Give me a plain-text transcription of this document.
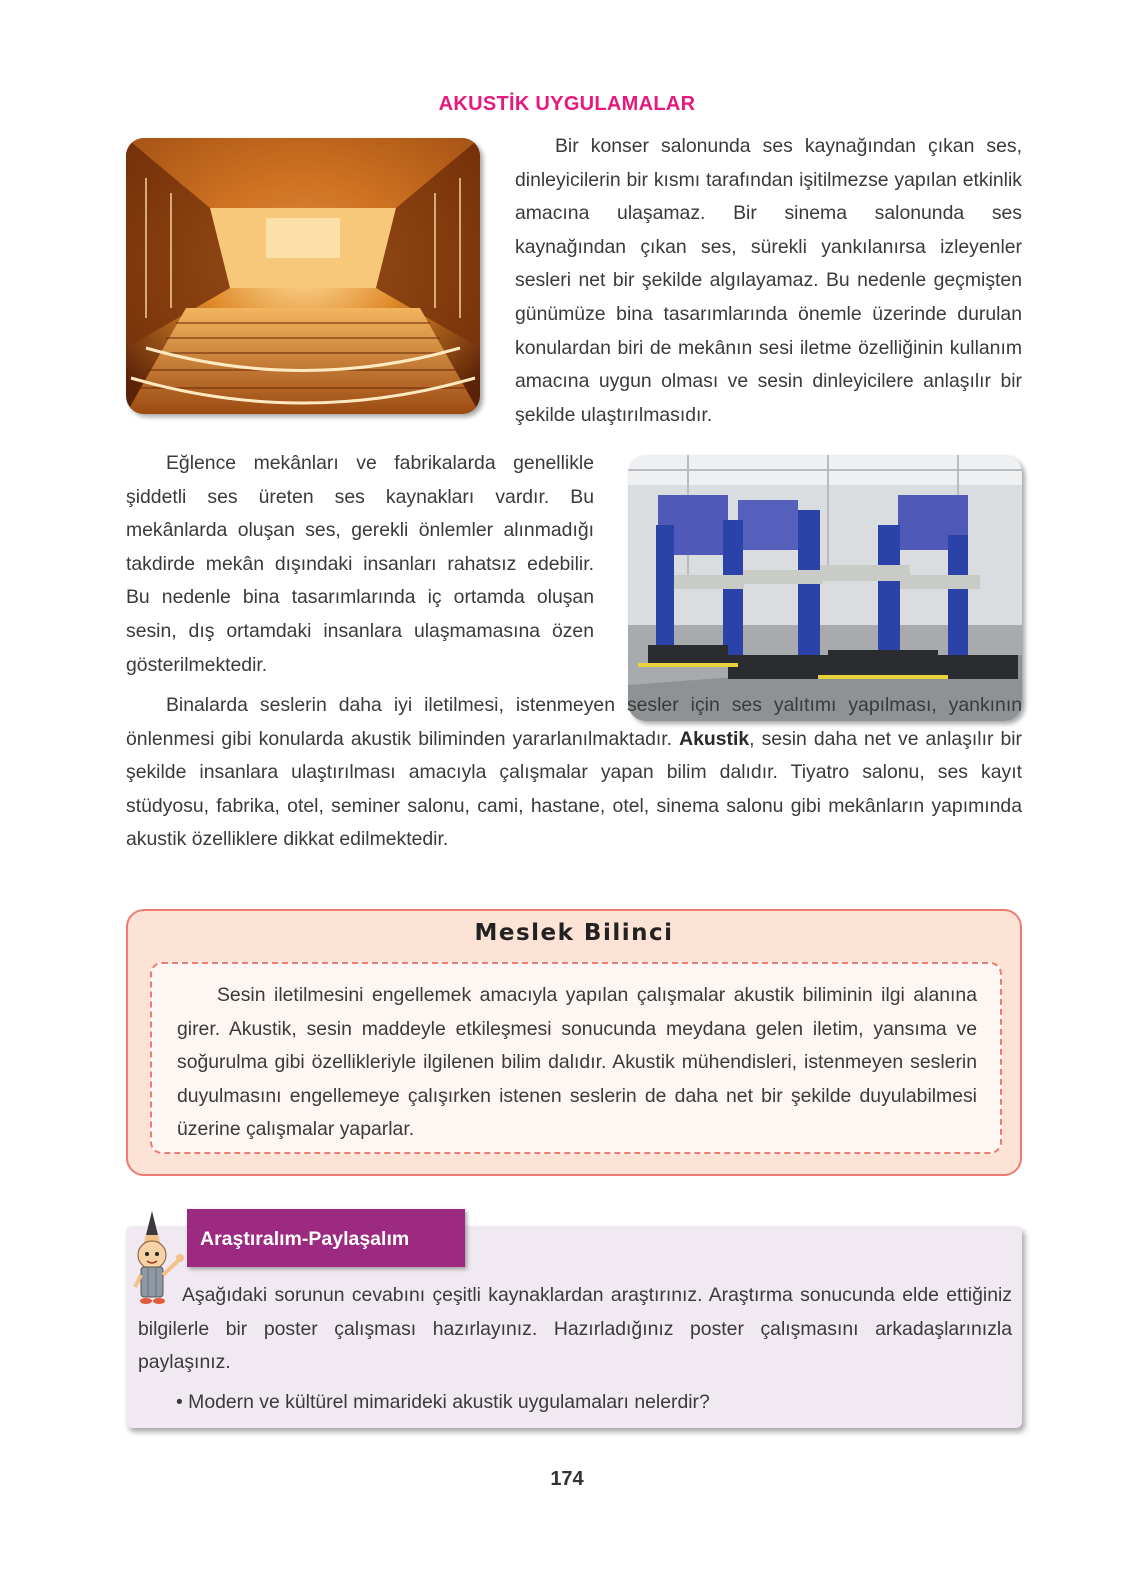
AKUSTİK UYGULAMALAR

Bir konser salonunda ses kaynağından çıkan ses, dinleyicilerin bir kısmı tarafından işitilmezse yapılan etkinlik amacına ulaşamaz. Bir sinema salonunda ses kaynağından çıkan ses, sürekli yankılanırsa izleyenler sesleri net bir şekilde algılayamaz. Bu nedenle geçmişten günümüze bina tasarımlarında önemle üzerinde durulan konulardan biri de mekânın sesi iletme özelliğinin kullanım amacına uygun olması ve sesin dinleyicilere anlaşılır bir şekilde ulaştırılmasıdır.

Eğlence mekânları ve fabrikalarda genellikle şiddetli ses üreten ses kaynakları vardır. Bu mekânlarda oluşan ses, gerekli önlemler alınmadığı takdirde mekân dışındaki insanları rahatsız edebilir. Bu nedenle bina tasarımlarında iç ortamda oluşan sesin, dış ortamdaki insanlara ulaşmamasına özen gösterilmektedir.

Binalarda seslerin daha iyi iletilmesi, istenmeyen sesler için ses yalıtımı yapılması, yankının önlenmesi gibi konularda akustik biliminden yararlanılmaktadır. Akustik, sesin daha net ve anlaşılır bir şekilde insanlara ulaştırılması amacıyla çalışmalar yapan bilim dalıdır. Tiyatro salonu, ses kayıt stüdyosu, fabrika, otel, seminer salonu, cami, hastane, otel, sinema salonu gibi mekânların yapımında akustik özelliklere dikkat edilmektedir.

Meslek Bilinci

Sesin iletilmesini engellemek amacıyla yapılan çalışmalar akustik biliminin ilgi alanına girer. Akustik, sesin maddeyle etkileşmesi sonucunda meydana gelen iletim, yansıma ve soğurulma gibi özellikleriyle ilgilenen bilim dalıdır. Akustik mühendisleri, istenmeyen seslerin duyulmasını engellemeye çalışırken istenen seslerin de daha net bir şekilde duyulabilmesi üzerine çalışmalar yaparlar.

Araştıralım-Paylaşalım

Aşağıdaki sorunun cevabını çeşitli kaynaklardan araştırınız. Araştırma sonucunda elde ettiğiniz bilgilerle bir poster çalışması hazırlayınız. Hazırladığınız poster çalışmasını arkadaşlarınızla paylaşınız.

• Modern ve kültürel mimarideki akustik uygulamaları nelerdir?
174
